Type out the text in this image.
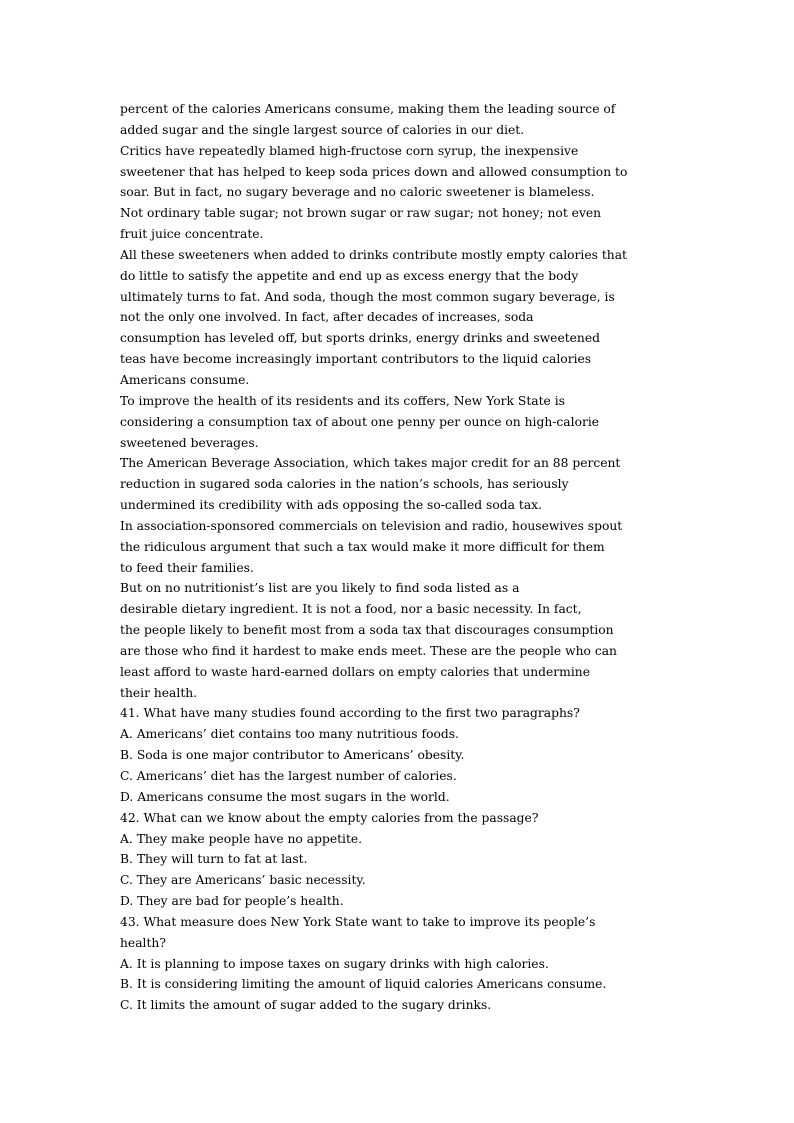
percent of the calories Americans consume, making them the leading source of
added sugar and the single largest source of calories in our diet.
Critics have repeatedly blamed high-fructose corn syrup, the inexpensive
sweetener that has helped to keep soda prices down and allowed consumption to
soar. But in fact, no sugary beverage and no caloric sweetener is blameless.
Not ordinary table sugar; not brown sugar or raw sugar; not honey; not even
fruit juice concentrate.
All these sweeteners when added to drinks contribute mostly empty calories that
do little to satisfy the appetite and end up as excess energy that the body
ultimately turns to fat. And soda, though the most common sugary beverage, is
not the only one involved. In fact, after decades of increases, soda
consumption has leveled off, but sports drinks, energy drinks and sweetened
teas have become increasingly important contributors to the liquid calories
Americans consume.
To improve the health of its residents and its coffers, New York State is
considering a consumption tax of about one penny per ounce on high-calorie
sweetened beverages.
The American Beverage Association, which takes major credit for an 88 percent
reduction in sugared soda calories in the nation’s schools, has seriously
undermined its credibility with ads opposing the so-called soda tax.
In association-sponsored commercials on television and radio, housewives spout
the ridiculous argument that such a tax would make it more difficult for them
to feed their families.
But on no nutritionist’s list are you likely to find soda listed as a
desirable dietary ingredient. It is not a food, nor a basic necessity. In fact,
the people likely to benefit most from a soda tax that discourages consumption
are those who find it hardest to make ends meet. These are the people who can
least afford to waste hard-earned dollars on empty calories that undermine
their health.
41. What have many studies found according to the first two paragraphs?
A. Americans’ diet contains too many nutritious foods.
B. Soda is one major contributor to Americans’ obesity.
C. Americans’ diet has the largest number of calories.
D. Americans consume the most sugars in the world.
42. What can we know about the empty calories from the passage?
A. They make people have no appetite.
B. They will turn to fat at last.
C. They are Americans’ basic necessity.
D. They are bad for people’s health.
43. What measure does New York State want to take to improve its people’s
health?
A. It is planning to impose taxes on sugary drinks with high calories.
B. It is considering limiting the amount of liquid calories Americans consume.
C. It limits the amount of sugar added to the sugary drinks.
